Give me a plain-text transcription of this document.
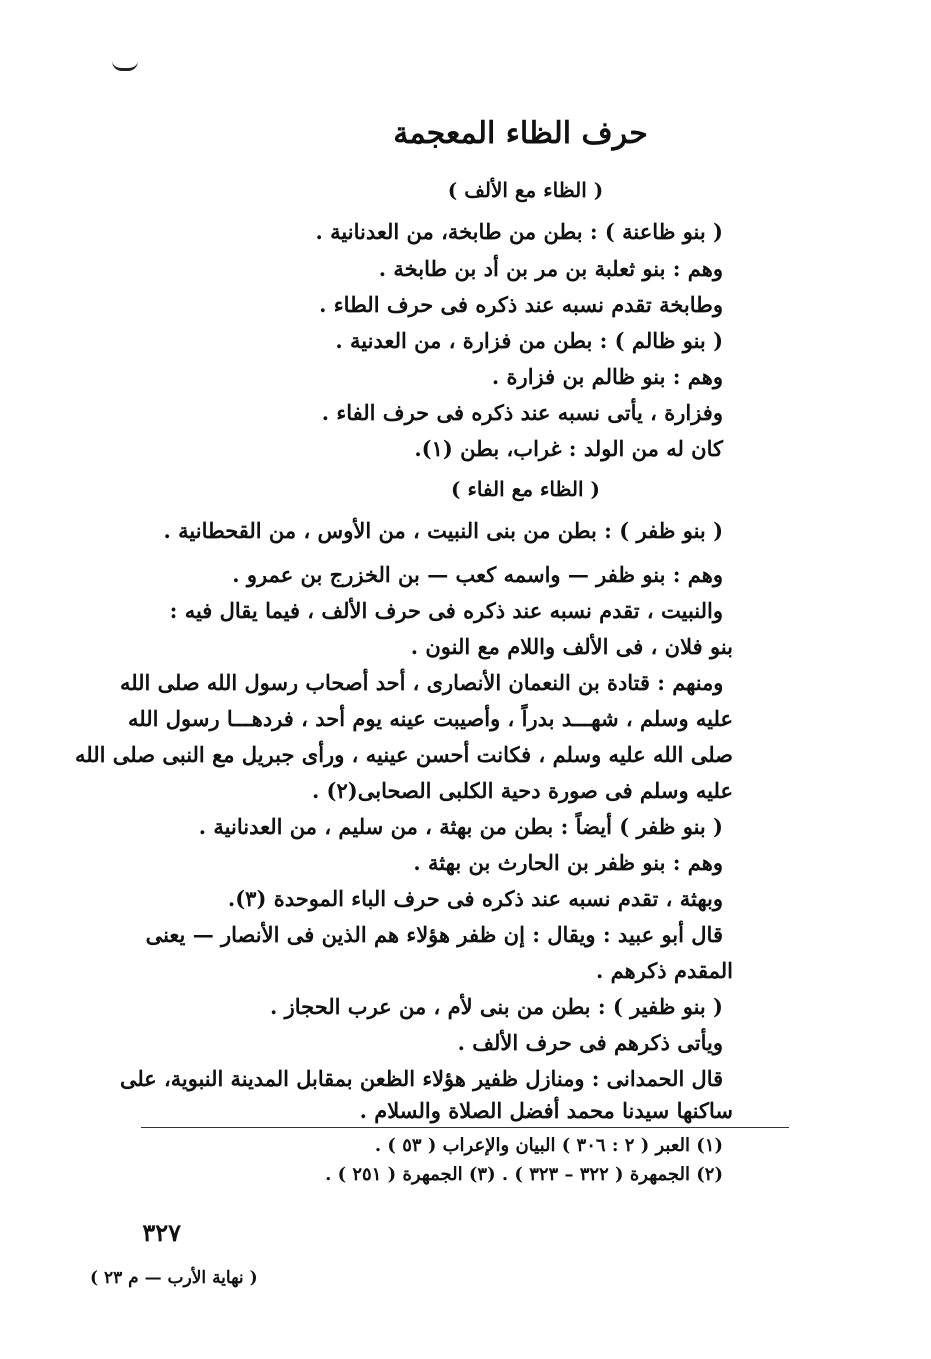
حرف الظاء المعجمة
( الظاء مع الألف )
( بنو ظاعنة ) : بطن من طابخة، من العدنانية .
وهم : بنو ثعلبة بن مر بن أد بن طابخة .
وطابخة تقدم نسبه عند ذكره فى حرف الطاء .
( بنو ظالم ) : بطن من فزارة ، من العدنية .
وهم : بنو ظالم بن فزارة .
وفزارة ، يأتى نسبه عند ذكره فى حرف الفاء .
كان له من الولد : غراب، بطن (١).
( الظاء مع الفاء )
( بنو ظفر ) : بطن من بنى النبيت ، من الأوس ، من القحطانية .
وهم : بنو ظفر — واسمه كعب — بن الخزرج بن عمرو .
والنبيت ، تقدم نسبه عند ذكره فى حرف الألف ، فيما يقال فيه :
بنو فلان ، فى الألف واللام مع النون .
ومنهم : قتادة بن النعمان الأنصارى ، أحد أصحاب رسول الله صلى الله
عليه وسلم ، شهـــد بدراً ، وأصيبت عينه يوم أحد ، فردهـــا رسول الله
صلى الله عليه وسلم ، فكانت أحسن عينيه ، ورأى جبريل مع النبى صلى الله
عليه وسلم فى صورة دحية الكلبى الصحابى(٢) .
( بنو ظفر ) أيضاً : بطن من بهثة ، من سليم ، من العدنانية .
وهم : بنو ظفر بن الحارث بن بهثة .
وبهثة ، تقدم نسبه عند ذكره فى حرف الباء الموحدة (٣).
قال أبو عبيد : ويقال : إن ظفر هؤلاء هم الذين فى الأنصار — يعنى
المقدم ذكرهم .
( بنو ظفير ) : بطن من بنى لأم ، من عرب الحجاز .
ويأتى ذكرهم فى حرف الألف .
قال الحمدانى : ومنازل ظفير هؤلاء الظعن بمقابل المدينة النبوية، على
ساكنها سيدنا محمد أفضل الصلاة والسلام .
(١) العبر ( ٢ : ٣٠٦ ) البيان والإعراب ( ٥٣ ) .
(٢) الجمهرة ( ٣٢٢ – ٣٢٣ ) . (٣) الجمهرة ( ٢٥١ ) .
٣٢٧
( نهاية الأرب — م ٢٣ )
